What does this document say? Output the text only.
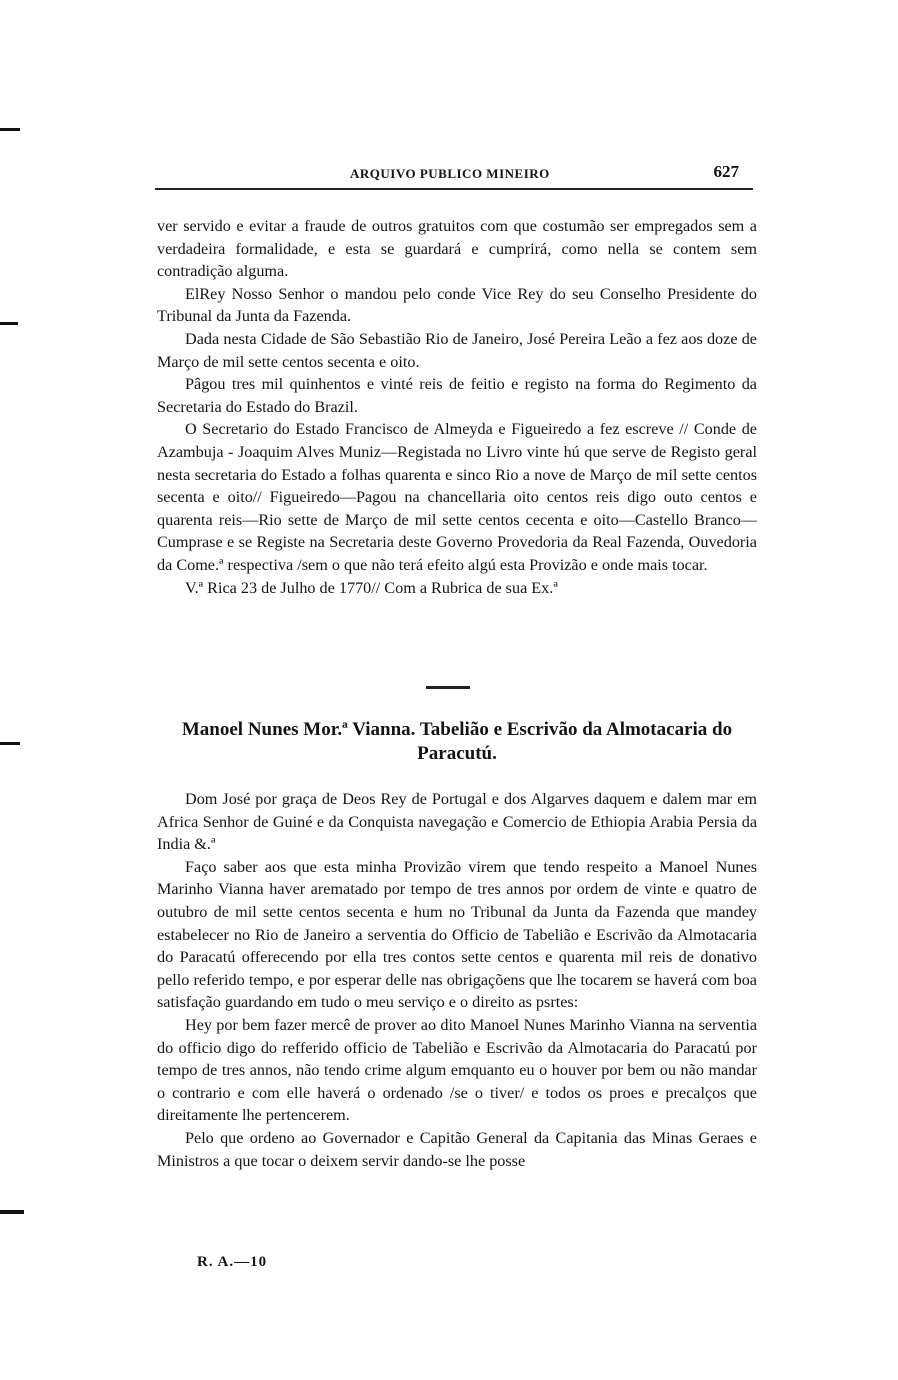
ARQUIVO PUBLICO MINEIRO	627

ver servido e evitar a fraude de outros gratuitos com que costumão ser empregados sem a verdadeira formalidade, e esta se guardará e cumprirá, como nella se contem sem contradição alguma.

ElRey Nosso Senhor o mandou pelo conde Vice Rey do seu Conselho Presidente do Tribunal da Junta da Fazenda.

Dada nesta Cidade de São Sebastião Rio de Janeiro, José Pereira Leão a fez aos doze de Março de mil sette centos secenta e oito.

Pâgou tres mil quinhentos e vinté reis de feitio e registo na forma do Regimento da Secretaria do Estado do Brazil.

O Secretario do Estado Francisco de Almeyda e Figueiredo a fez escreve // Conde de Azambuja - Joaquim Alves Muniz—Registada no Livro vinte hú que serve de Registo geral nesta secretaria do Estado a folhas quarenta e sinco Rio a nove de Março de mil sette centos secenta e oito// Figueiredo—Pagou na chancellaria oito centos reis digo outo centos e quarenta reis—Rio sette de Março de mil sette centos cecenta e oito—Castello Branco—Cumprase e se Registe na Secretaria deste Governo Provedoria da Real Fazenda, Ouvedoria da Come.ª respectiva /sem o que não terá efeito algú esta Provizão e onde mais tocar.

V.ª Rica 23 de Julho de 1770// Com a Rubrica de sua Ex.ª

Manoel Nunes Mor.ª Vianna. Tabelião e Escrivão da Almotacaria do Paracutú.

Dom José por graça de Deos Rey de Portugal e dos Algarves daquem e dalem mar em Africa Senhor de Guiné e da Conquista navegação e Comercio de Ethiopia Arabia Persia da India &.ª

Faço saber aos que esta minha Provizão virem que tendo respeito a Manoel Nunes Marinho Vianna haver arematado por tempo de tres annos por ordem de vinte e quatro de outubro de mil sette centos secenta e hum no Tribunal da Junta da Fazenda que mandey estabelecer no Rio de Janeiro a serventia do Officio de Tabelião e Escrivão da Almotacaria do Paracatú offerecendo por ella tres contos sette centos e quarenta mil reis de donativo pello referido tempo, e por esperar delle nas obrigaçõens que lhe tocarem se haverá com boa satisfação guardando em tudo o meu serviço e o direito as psrtes:

Hey por bem fazer mercê de prover ao dito Manoel Nunes Marinho Vianna na serventia do officio digo do refferido officio de Tabelião e Escrivão da Almotacaria do Paracatú por tempo de tres annos, não tendo crime algum emquanto eu o houver por bem ou não mandar o contrario e com elle haverá o ordenado /se o tiver/ e todos os proes e precalços que direitamente lhe pertencerem.

Pelo que ordeno ao Governador e Capitão General da Capitania das Minas Geraes e Ministros a que tocar o deixem servir dando-se lhe posse

R. A.—10
